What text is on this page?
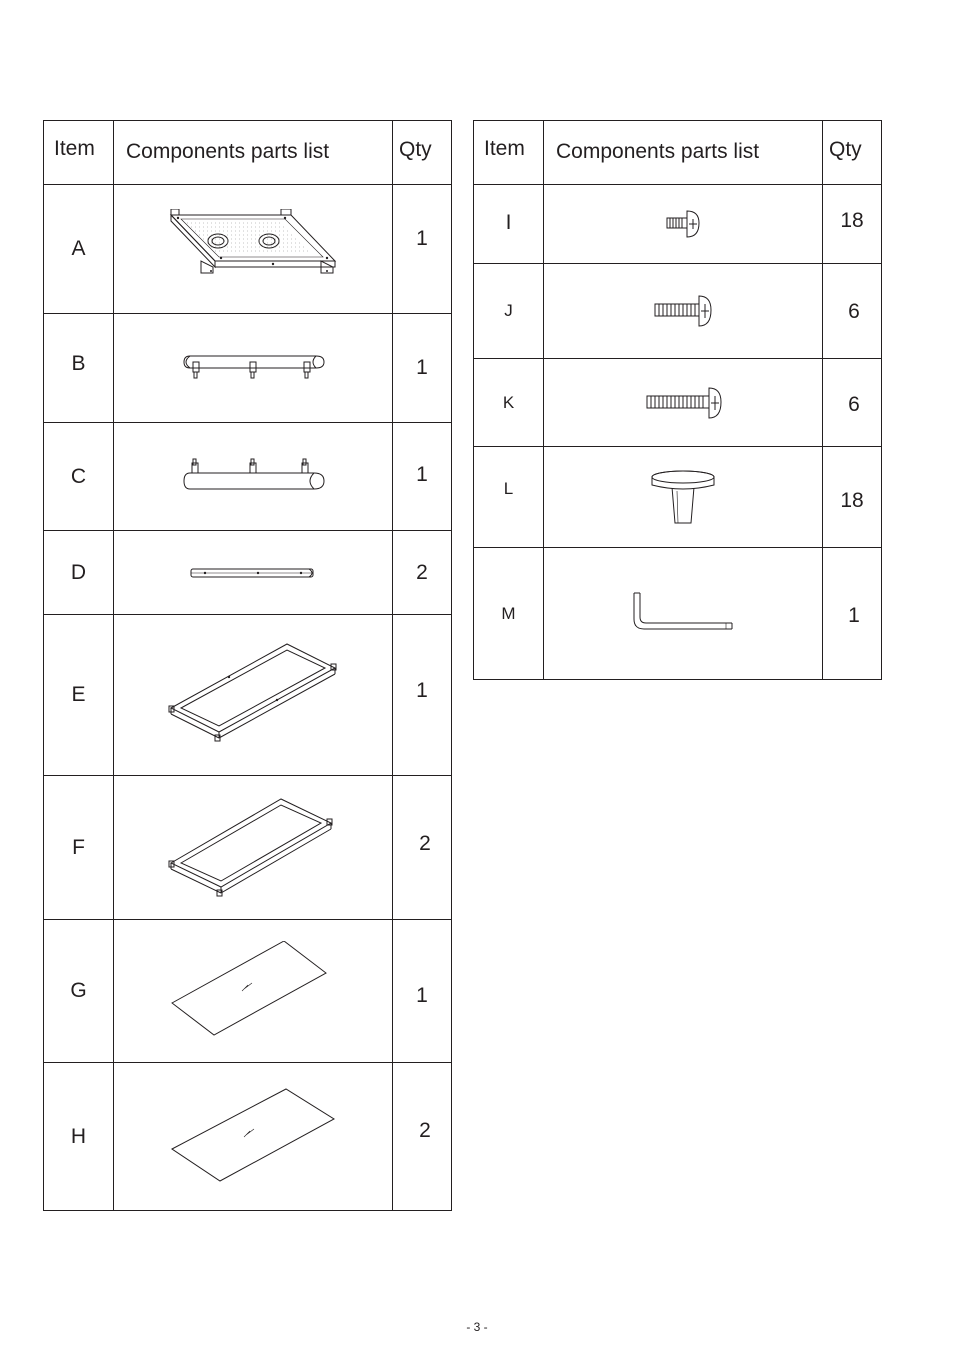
Item	Components parts list	Qty

A		1

B		1

C		1

D		2

E		1

F		2

G		1

H		2
Item	Components parts list	Qty

I		18

J		6

K		6

L		18

M		1
- 3 -
